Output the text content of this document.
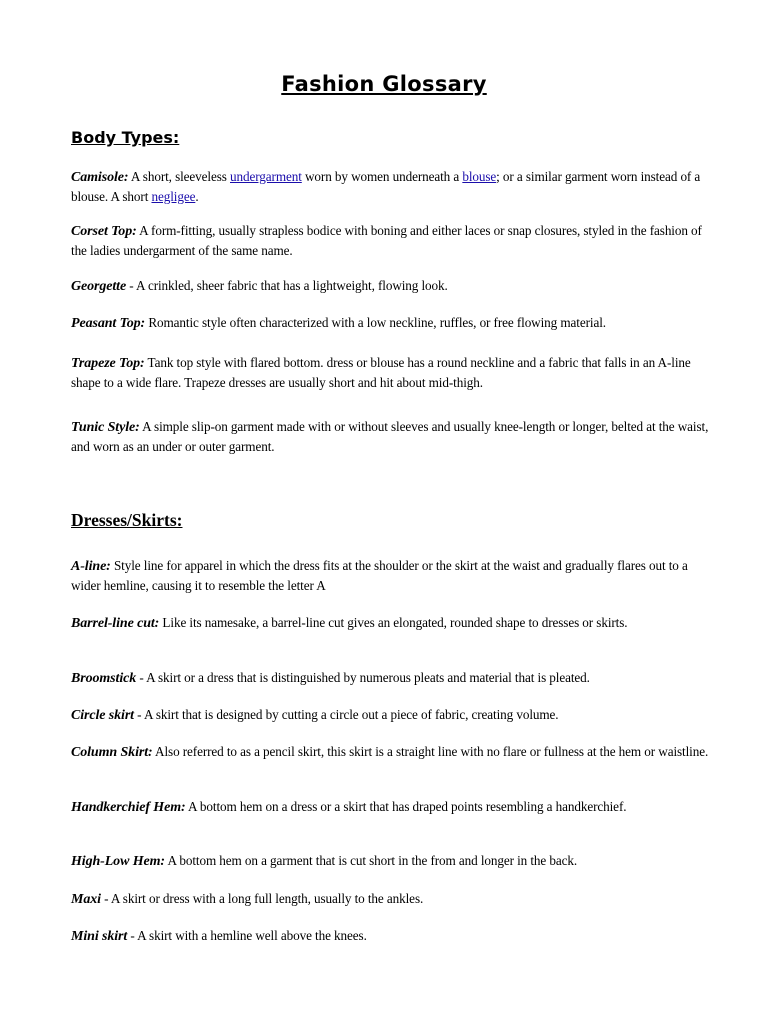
Fashion Glossary
Body Types:
Camisole: A short, sleeveless undergarment worn by women underneath a blouse; or a similar garment worn instead of a blouse. A short negligee.
Corset Top: A form-fitting, usually strapless bodice with boning and either laces or snap closures, styled in the fashion of the ladies undergarment of the same name.
Georgette - A crinkled, sheer fabric that has a lightweight, flowing look.
Peasant Top: Romantic style often characterized with a low neckline, ruffles, or free flowing material.
Trapeze Top: Tank top style with flared bottom. dress or blouse has a round neckline and a fabric that falls in an A-line shape to a wide flare. Trapeze dresses are usually short and hit about mid-thigh.
Tunic Style: A simple slip-on garment made with or without sleeves and usually knee-length or longer, belted at the waist, and worn as an under or outer garment.
Dresses/Skirts:
A-line: Style line for apparel in which the dress fits at the shoulder or the skirt at the waist and gradually flares out to a wider hemline, causing it to resemble the letter A
Barrel-line cut: Like its namesake, a barrel-line cut gives an elongated, rounded shape to dresses or skirts.
Broomstick - A skirt or a dress that is distinguished by numerous pleats and material that is pleated.
Circle skirt - A skirt that is designed by cutting a circle out a piece of fabric, creating volume.
Column Skirt: Also referred to as a pencil skirt, this skirt is a straight line with no flare or fullness at the hem or waistline.
Handkerchief Hem: A bottom hem on a dress or a skirt that has draped points resembling a handkerchief.
High-Low Hem: A bottom hem on a garment that is cut short in the from and longer in the back.
Maxi - A skirt or dress with a long full length, usually to the ankles.
Mini skirt - A skirt with a hemline well above the knees.
